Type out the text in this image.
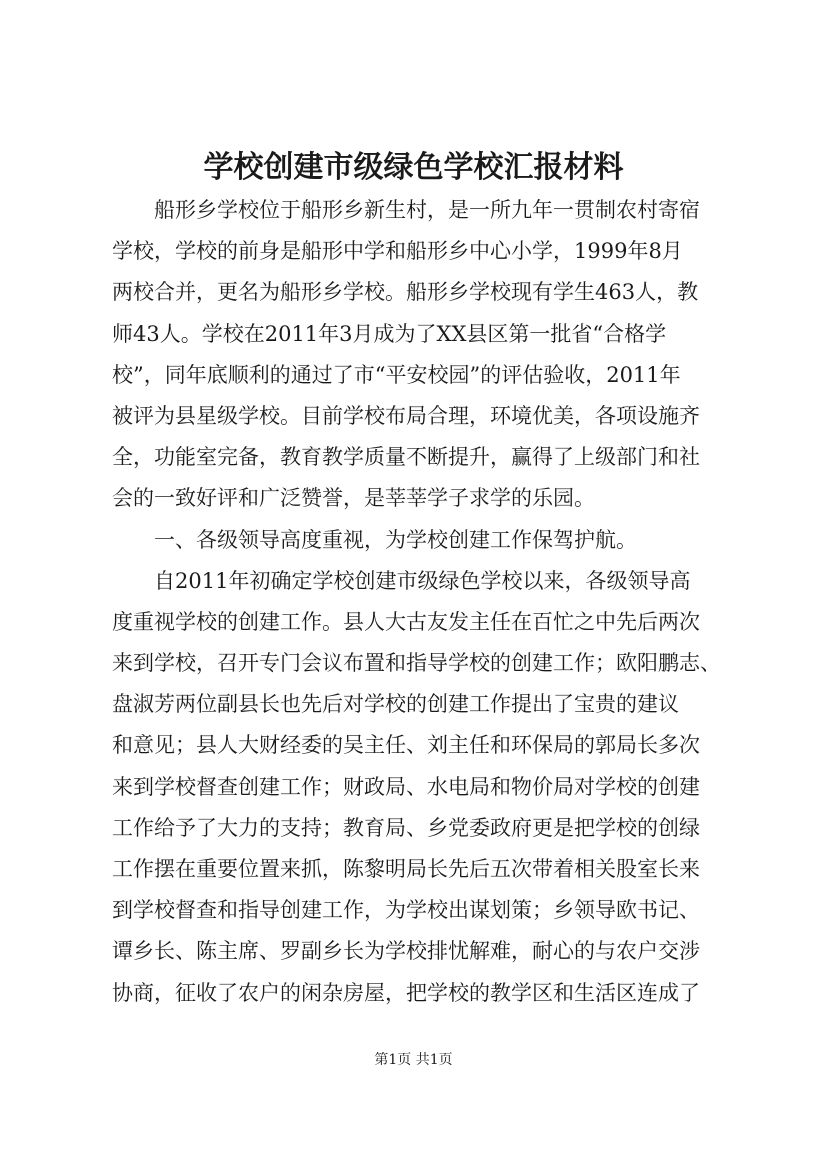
学校创建市级绿色学校汇报材料
　　船形乡学校位于船形乡新生村，是一所九年一贯制农村寄宿
学校，学校的前身是船形中学和船形乡中心小学，1999年8月
两校合并，更名为船形乡学校。船形乡学校现有学生463人，教
师43人。学校在2011年3月成为了XX县区第一批省“合格学
校”，同年底顺利的通过了市“平安校园”的评估验收，2011年
被评为县星级学校。目前学校布局合理，环境优美，各项设施齐
全，功能室完备，教育教学质量不断提升，赢得了上级部门和社
会的一致好评和广泛赞誉，是莘莘学子求学的乐园。
　　一、各级领导高度重视，为学校创建工作保驾护航。
　　自2011年初确定学校创建市级绿色学校以来，各级领导高
度重视学校的创建工作。县人大古友发主任在百忙之中先后两次
来到学校，召开专门会议布置和指导学校的创建工作；欧阳鹏志、
盘淑芳两位副县长也先后对学校的创建工作提出了宝贵的建议
和意见；县人大财经委的吴主任、刘主任和环保局的郭局长多次
来到学校督查创建工作；财政局、水电局和物价局对学校的创建
工作给予了大力的支持；教育局、乡党委政府更是把学校的创绿
工作摆在重要位置来抓，陈黎明局长先后五次带着相关股室长来
到学校督查和指导创建工作，为学校出谋划策；乡领导欧书记、
谭乡长、陈主席、罗副乡长为学校排忧解难，耐心的与农户交涉
协商，征收了农户的闲杂房屋，把学校的教学区和生活区连成了
第1页 共1页
